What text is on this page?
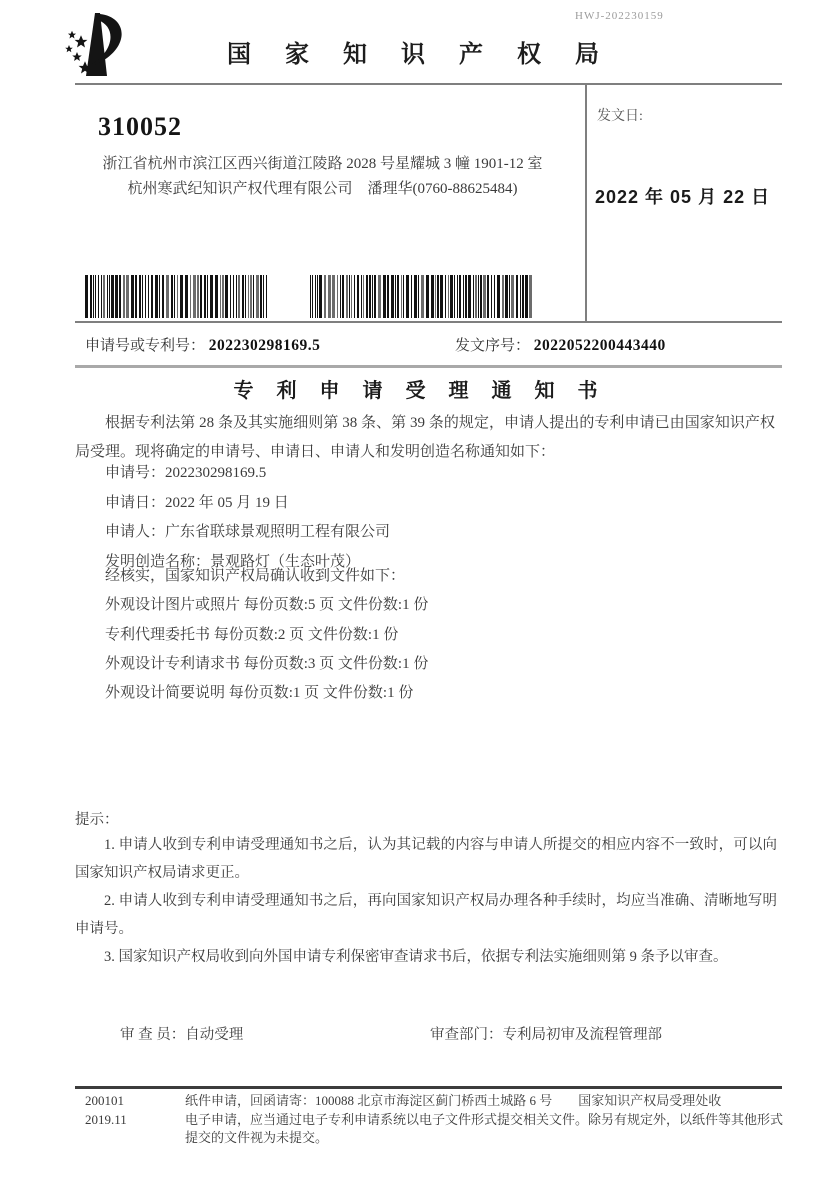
HWJ-202230159
国 家 知 识 产 权 局
310052
浙江省杭州市滨江区西兴街道江陵路 2028 号星耀城 3 幢 1901-12 室
杭州寒武纪知识产权代理有限公司　潘理华(0760-88625484)
发文日:
2022 年 05 月 22 日
申请号或专利号： 202230298169.5	发文序号： 2022052200443440
专 利 申 请 受 理 通 知 书
根据专利法第 28 条及其实施细则第 38 条、第 39 条的规定，申请人提出的专利申请已由国家知识产权局受理。现将确定的申请号、申请日、申请人和发明创造名称通知如下：
申请号：202230298169.5
申请日：2022 年 05 月 19 日
申请人：广东省联球景观照明工程有限公司
发明创造名称：景观路灯（生态叶茂）
经核实，国家知识产权局确认收到文件如下：
外观设计图片或照片 每份页数:5 页 文件份数:1 份
专利代理委托书 每份页数:2 页 文件份数:1 份
外观设计专利请求书 每份页数:3 页 文件份数:1 份
外观设计简要说明 每份页数:1 页 文件份数:1 份
提示：

1. 申请人收到专利申请受理通知书之后，认为其记载的内容与申请人所提交的相应内容不一致时，可以向国家知识产权局请求更正。

2. 申请人收到专利申请受理通知书之后，再向国家知识产权局办理各种手续时，均应当准确、清晰地写明申请号。

3. 国家知识产权局收到向外国申请专利保密审查请求书后，依据专利法实施细则第 9 条予以审查。

审 查 员：自动受理	审查部门：专利局初审及流程管理部
200101	纸件申请，回函请寄：100088 北京市海淀区蓟门桥西土城路 6 号　　国家知识产权局受理处收
2019.11	电子申请，应当通过电子专利申请系统以电子文件形式提交相关文件。除另有规定外，以纸件等其他形式提交的文件视为未提交。
